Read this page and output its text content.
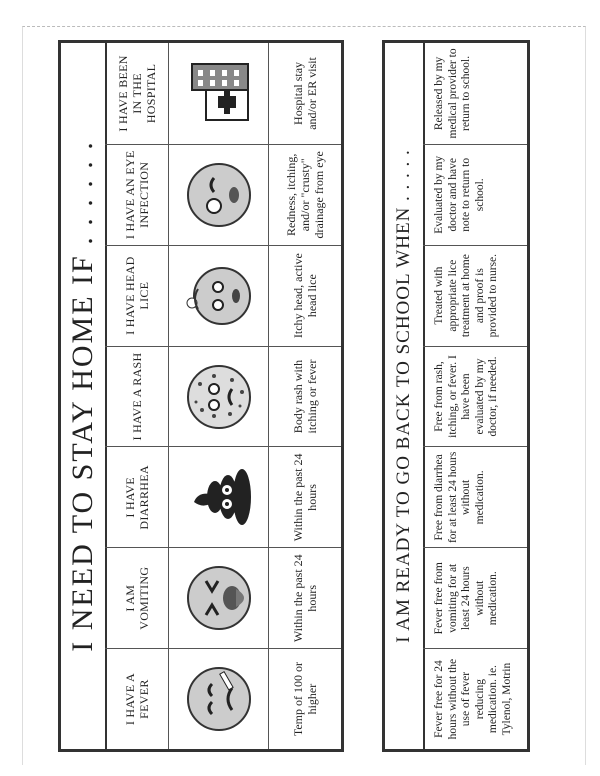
I NEED TO STAY HOME IF . . . . . .
I HAVE A FEVER
I AM VOMITING
I HAVE DIARRHEA
I HAVE A RASH
I HAVE HEAD LICE
I HAVE AN EYE INFECTION
I HAVE BEEN IN THE HOSPITAL
Temp of 100 or higher
Within the past 24 hours
Within the past 24 hours
Body rash with itching or fever
Itchy head, active head lice
Redness, itching, and/or "crusty" drainage from eye
Hospital stay and/or ER visit
I AM READY TO GO BACK TO SCHOOL WHEN . . . . .
Fever free for 24 hours without the use of fever reducing medication. ie. Tylenol, Motrin
Fever free from vomiting for at least 24 hours without medication.
Free from diarrhea for at least 24 hours without medication.
Free from rash, itching, or fever. I have been evaluated by my doctor, if needed.
Treated with appropriate lice treatment at home and proof is provided to nurse.
Evaluated by my doctor and have note to return to school.
Released by my medical provider to return to school.
